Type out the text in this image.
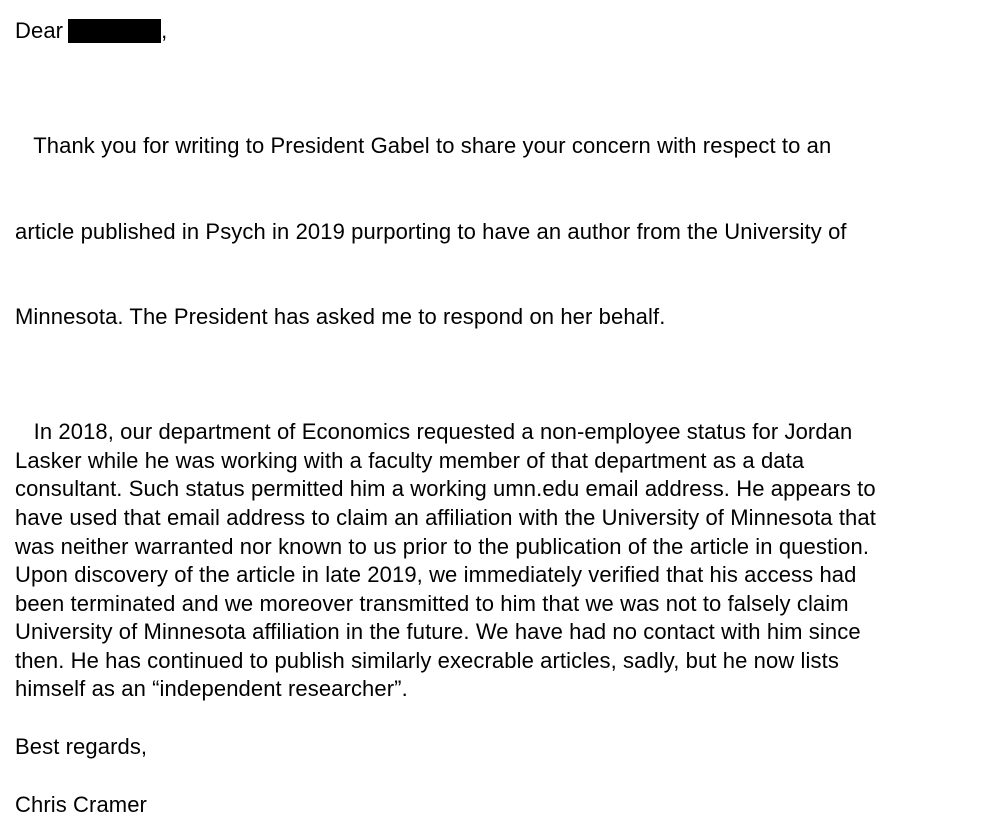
Dear	,

Thank you for writing to President Gabel to share your concern with respect to an

article published in Psych in 2019 purporting to have an author from the University of

Minnesota. The President has asked me to respond on her behalf.

In 2018, our department of Economics requested a non-employee status for Jordan
Lasker while he was working with a faculty member of that department as a data
consultant. Such status permitted him a working umn.edu email address. He appears to
have used that email address to claim an affiliation with the University of Minnesota that
was neither warranted nor known to us prior to the publication of the article in question.
Upon discovery of the article in late 2019, we immediately verified that his access had
been terminated and we moreover transmitted to him that we was not to falsely claim
University of Minnesota affiliation in the future. We have had no contact with him since
then. He has continued to publish similarly execrable articles, sadly, but he now lists
himself as an “independent researcher”.

Best regards,

Chris Cramer
